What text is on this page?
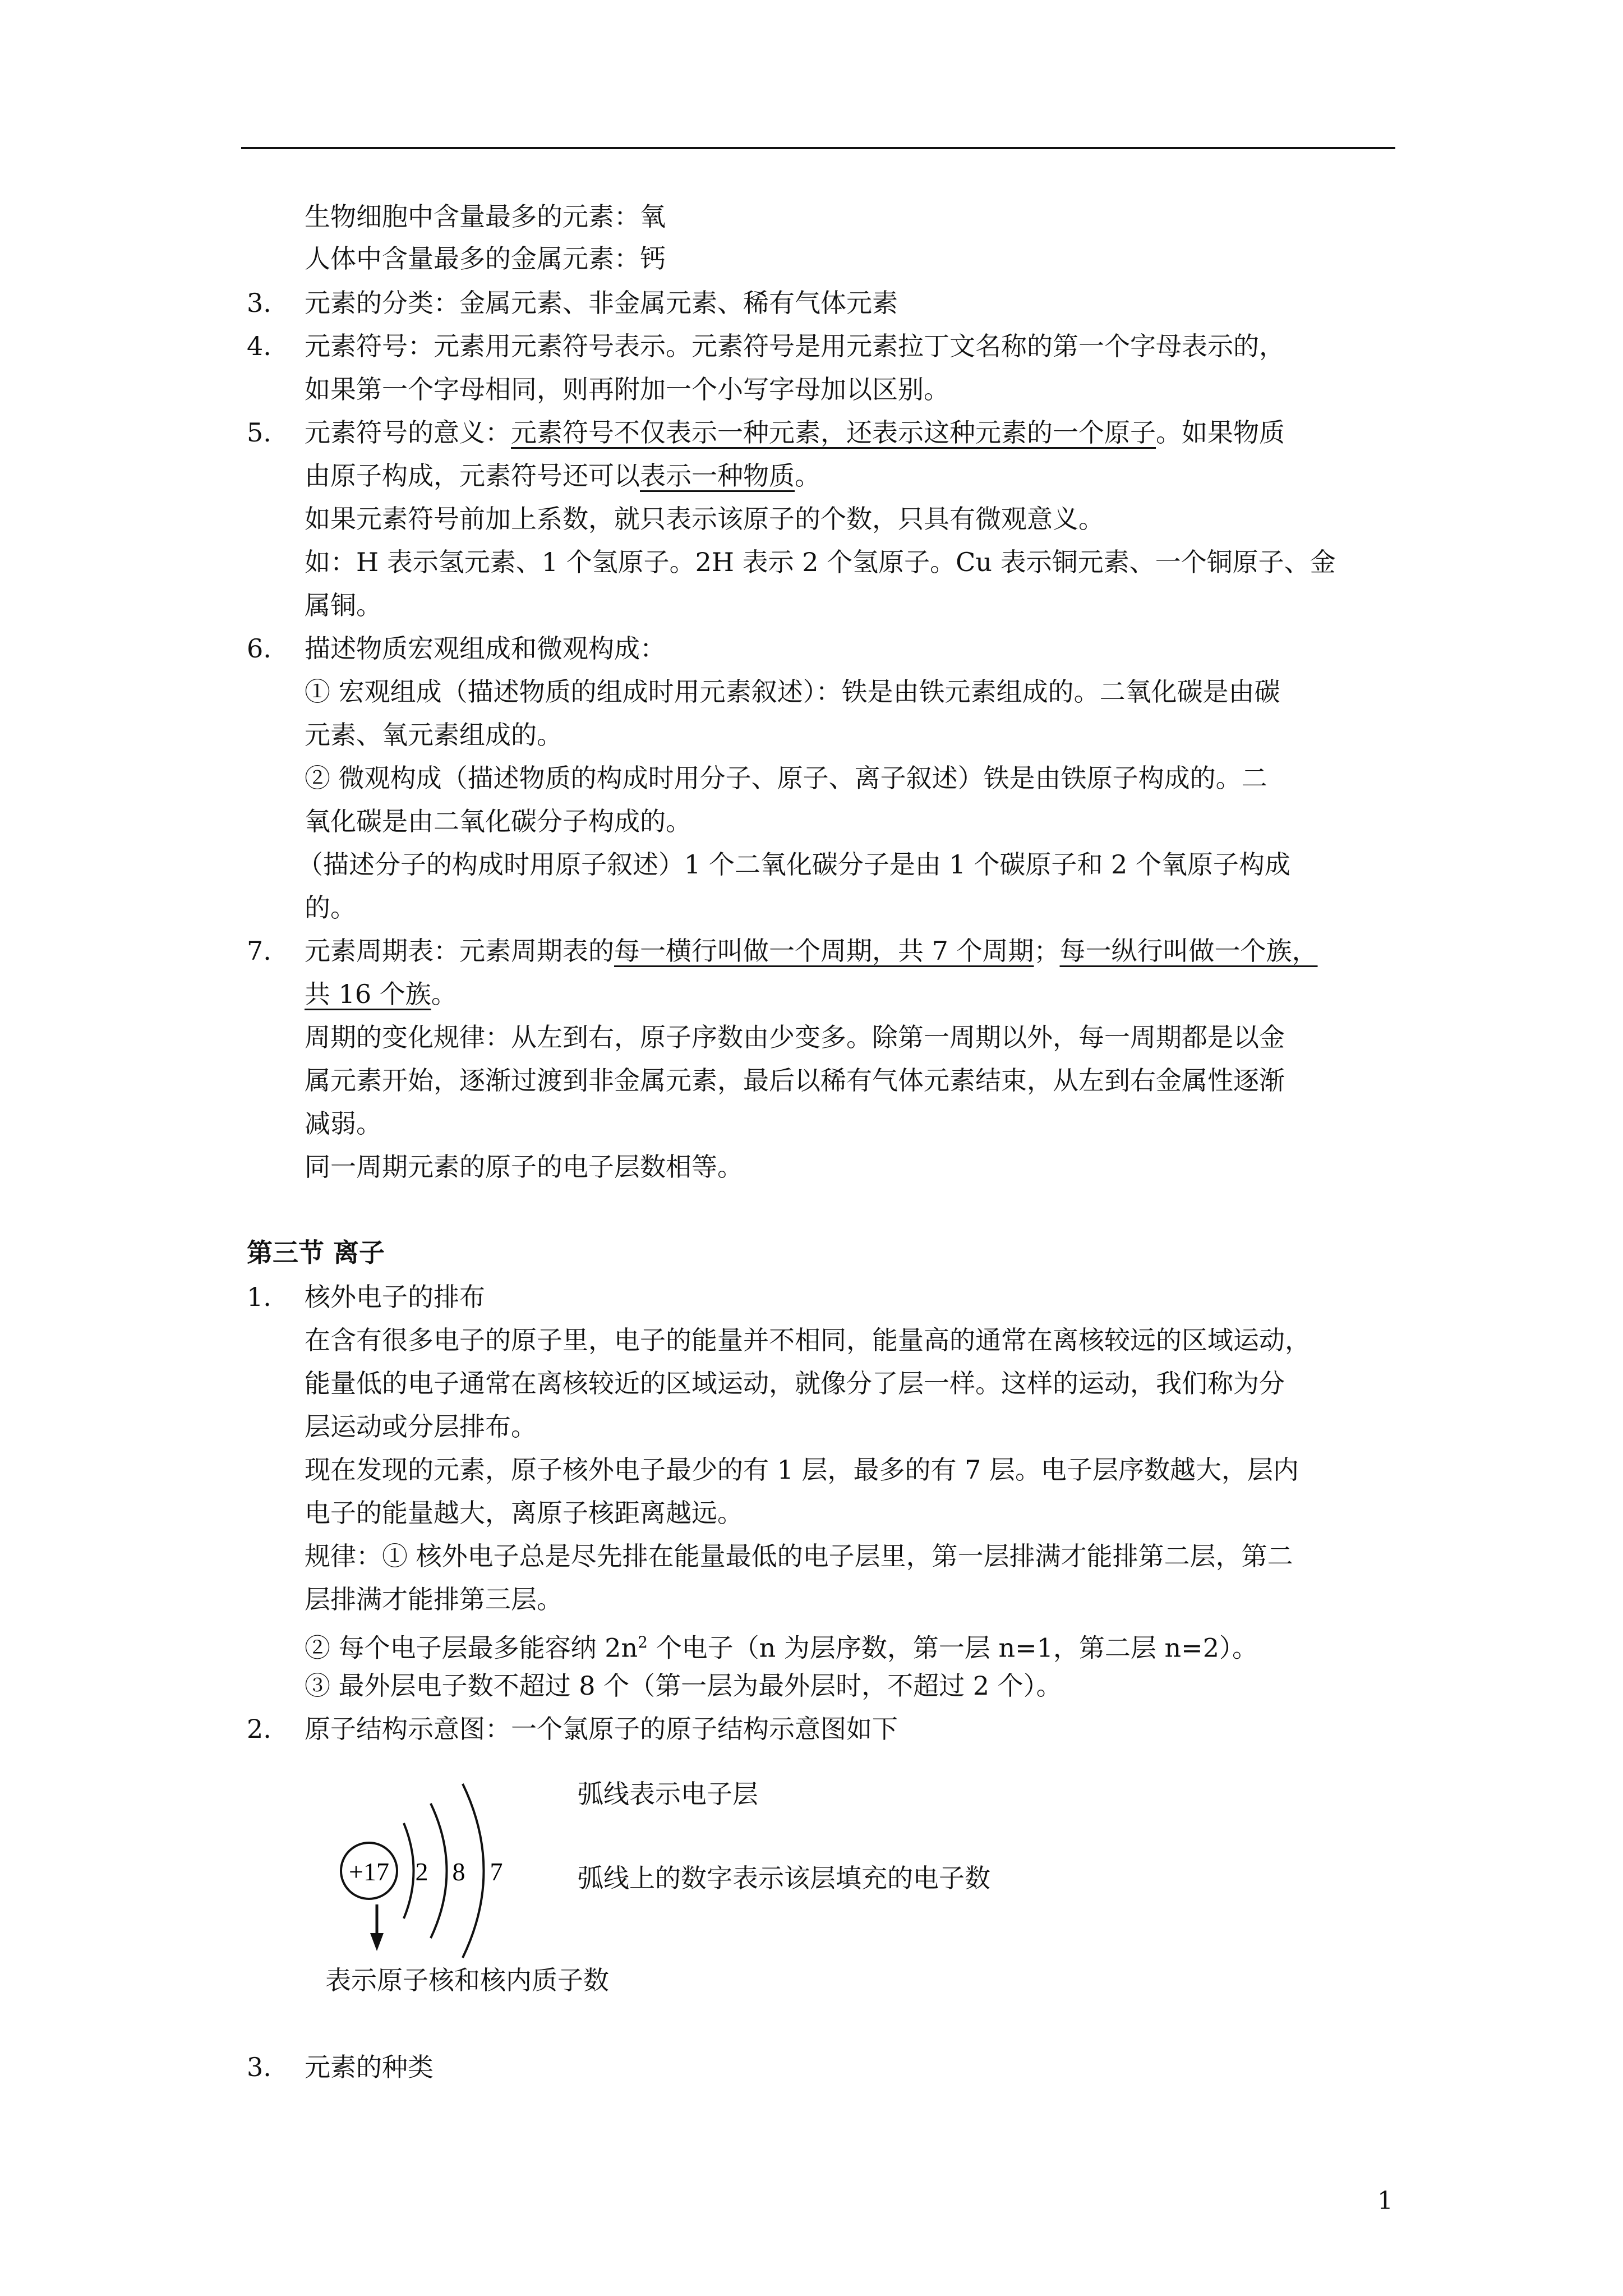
生物细胞中含量最多的元素：氧
人体中含量最多的金属元素：钙
3. 元素的分类：金属元素、非金属元素、稀有气体元素
4. 元素符号：元素用元素符号表示。元素符号是用元素拉丁文名称的第一个字母表示的，
如果第一个字母相同，则再附加一个小写字母加以区别。
5. 元素符号的意义：元素符号不仅表示一种元素，还表示这种元素的一个原子。如果物质
由原子构成，元素符号还可以表示一种物质。
如果元素符号前加上系数，就只表示该原子的个数，只具有微观意义。
如：H 表示氢元素、1 个氢原子。2H 表示 2 个氢原子。Cu 表示铜元素、一个铜原子、金
属铜。
6. 描述物质宏观组成和微观构成：
① 宏观组成（描述物质的组成时用元素叙述）：铁是由铁元素组成的。二氧化碳是由碳
元素、氧元素组成的。
② 微观构成（描述物质的构成时用分子、原子、离子叙述）铁是由铁原子构成的。二
氧化碳是由二氧化碳分子构成的。
（描述分子的构成时用原子叙述）1 个二氧化碳分子是由 1 个碳原子和 2 个氧原子构成
的。
7. 元素周期表：元素周期表的每一横行叫做一个周期，共 7 个周期；每一纵行叫做一个族，
共 16 个族。
周期的变化规律：从左到右，原子序数由少变多。除第一周期以外，每一周期都是以金
属元素开始，逐渐过渡到非金属元素，最后以稀有气体元素结束，从左到右金属性逐渐
减弱。
同一周期元素的原子的电子层数相等。
第三节 离子
1. 核外电子的排布
在含有很多电子的原子里，电子的能量并不相同，能量高的通常在离核较远的区域运动，
能量低的电子通常在离核较近的区域运动，就像分了层一样。这样的运动，我们称为分
层运动或分层排布。
现在发现的元素，原子核外电子最少的有 1 层，最多的有 7 层。电子层序数越大，层内
电子的能量越大，离原子核距离越远。
规律：① 核外电子总是尽先排在能量最低的电子层里，第一层排满才能排第二层，第二
层排满才能排第三层。
② 每个电子层最多能容纳 $2n^2$ 个电子（n 为层序数，第一层 n=1，第二层 n=2）。
③ 最外层电子数不超过 8 个（第一层为最外层时，不超过 2 个）。
2. 原子结构示意图：一个氯原子的原子结构示意图如下
+17 2 8 7
弧线表示电子层
弧线上的数字表示该层填充的电子数
表示原子核和核内质子数
3. 元素的种类
1
